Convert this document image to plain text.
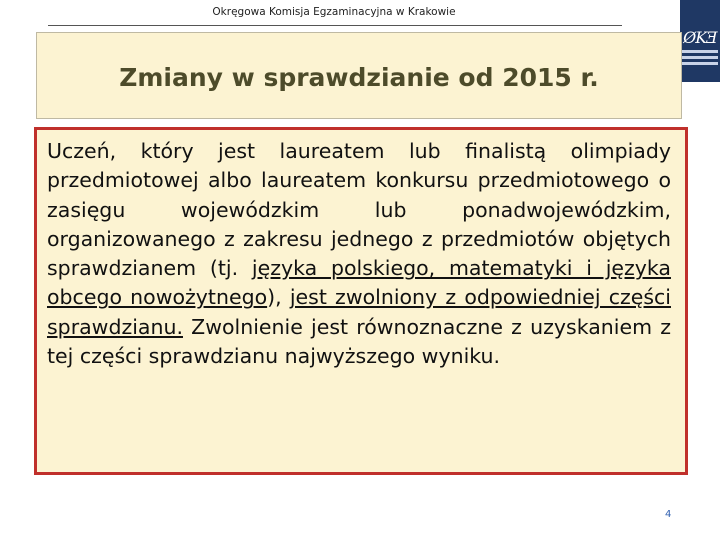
Okręgowa Komisja Egzaminacyjna w Krakowie
ØKƎ
Zmiany w sprawdzianie od 2015 r.
Uczeń, który jest laureatem lub finalistą olimpiady przedmiotowej albo laureatem konkursu przedmiotowego o zasięgu wojewódzkim lub ponadwojewódzkim, organizowanego z zakresu jednego z przedmiotów objętych sprawdzianem (tj. języka polskiego, matematyki i języka obcego nowożytnego), jest zwolniony z odpowiedniej części sprawdzianu. Zwolnienie jest równoznaczne z uzyskaniem z tej części sprawdzianu najwyższego wyniku.
4
